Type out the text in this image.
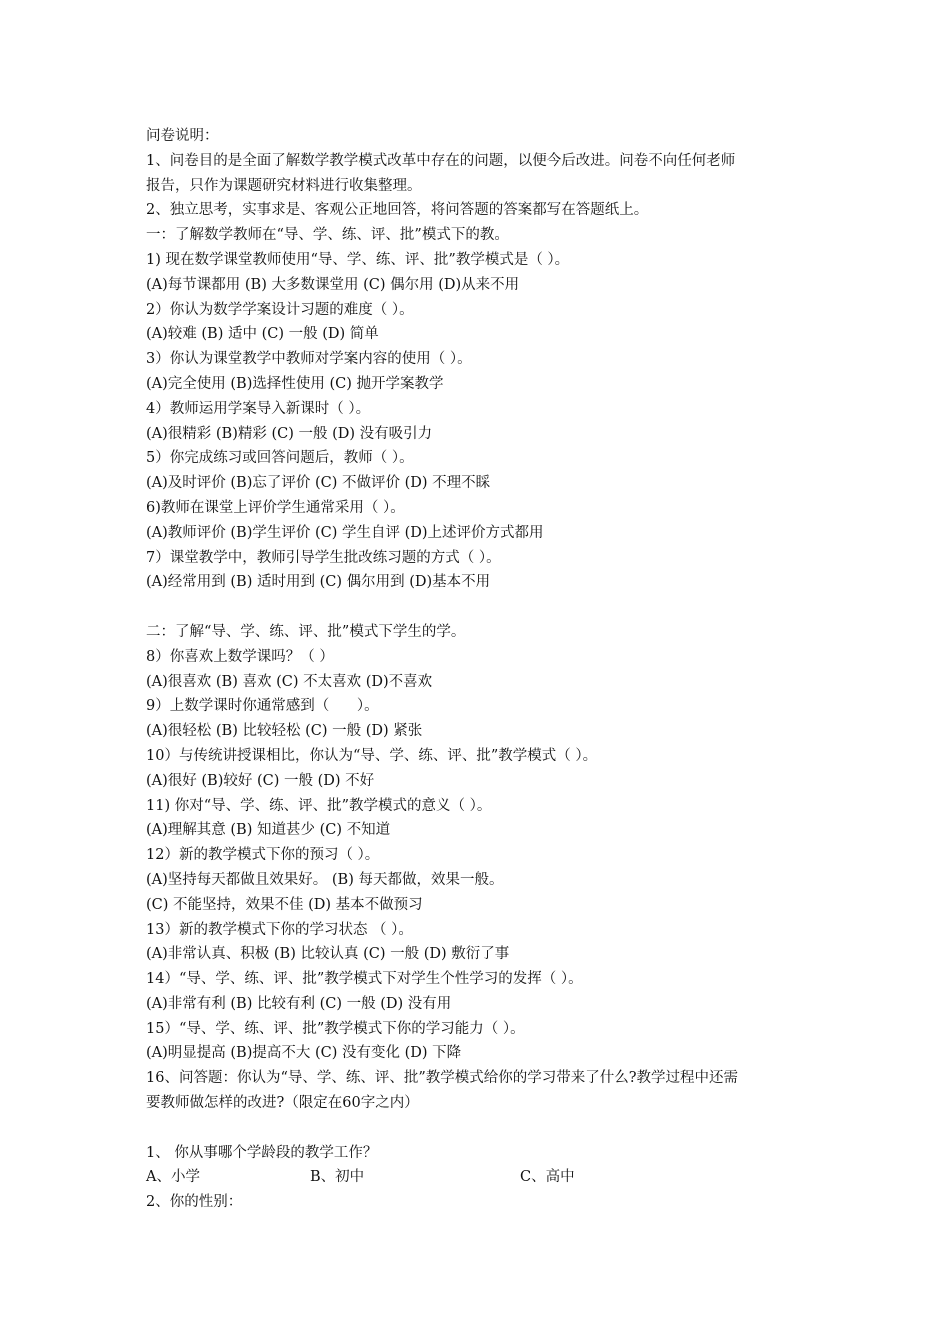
问卷说明：
1、问卷目的是全面了解数学教学模式改革中存在的问题，以便今后改进。问卷不向任何老师
报告，只作为课题研究材料进行收集整理。
2、独立思考，实事求是、客观公正地回答，将问答题的答案都写在答题纸上。
一：了解数学教师在“导、学、练、评、批”模式下的教。
1) 现在数学课堂教师使用“导、学、练、评、批”教学模式是（ ）。
(A)每节课都用 (B) 大多数课堂用 (C) 偶尔用 (D)从来不用
2）你认为数学学案设计习题的难度（ ）。
(A)较难 (B) 适中 (C) 一般 (D) 简单
3）你认为课堂教学中教师对学案内容的使用（ ）。
(A)完全使用 (B)选择性使用 (C) 抛开学案教学
4）教师运用学案导入新课时（ ）。
(A)很精彩 (B)精彩 (C) 一般 (D) 没有吸引力
5）你完成练习或回答问题后，教师（ ）。
(A)及时评价 (B)忘了评价 (C) 不做评价 (D) 不理不睬
6)教师在课堂上评价学生通常采用（ ）。
(A)教师评价 (B)学生评价 (C) 学生自评 (D)上述评价方式都用
7）课堂教学中，教师引导学生批改练习题的方式（ ）。
(A)经常用到 (B) 适时用到 (C) 偶尔用到 (D)基本不用
二：了解“导、学、练、评、批”模式下学生的学。
8）你喜欢上数学课吗？（ ）
(A)很喜欢 (B) 喜欢 (C) 不太喜欢 (D)不喜欢
9）上数学课时你通常感到（      ）。
(A)很轻松 (B) 比较轻松 (C) 一般 (D) 紧张
10）与传统讲授课相比，你认为“导、学、练、评、批”教学模式（ ）。
(A)很好 (B)较好 (C) 一般 (D) 不好
11) 你对“导、学、练、评、批”教学模式的意义（ ）。
(A)理解其意 (B) 知道甚少 (C) 不知道
12）新的教学模式下你的预习（ ）。
(A)坚持每天都做且效果好。 (B) 每天都做，效果一般。
(C) 不能坚持，效果不佳 (D) 基本不做预习
13）新的教学模式下你的学习状态 （ ）。
(A)非常认真、积极 (B) 比较认真 (C) 一般 (D) 敷衍了事
14）“导、学、练、评、批”教学模式下对学生个性学习的发挥（ ）。
(A)非常有利 (B) 比较有利 (C) 一般 (D) 没有用
15）“导、学、练、评、批”教学模式下你的学习能力（ ）。
(A)明显提高 (B)提高不大 (C) 没有变化 (D) 下降
16、问答题：你认为“导、学、练、评、批”教学模式给你的学习带来了什么?教学过程中还需
要教师做怎样的改进?（限定在60字之内）
1、 你从事哪个学龄段的教学工作？
A、小学	B、初中	C、高中
2、你的性别：
